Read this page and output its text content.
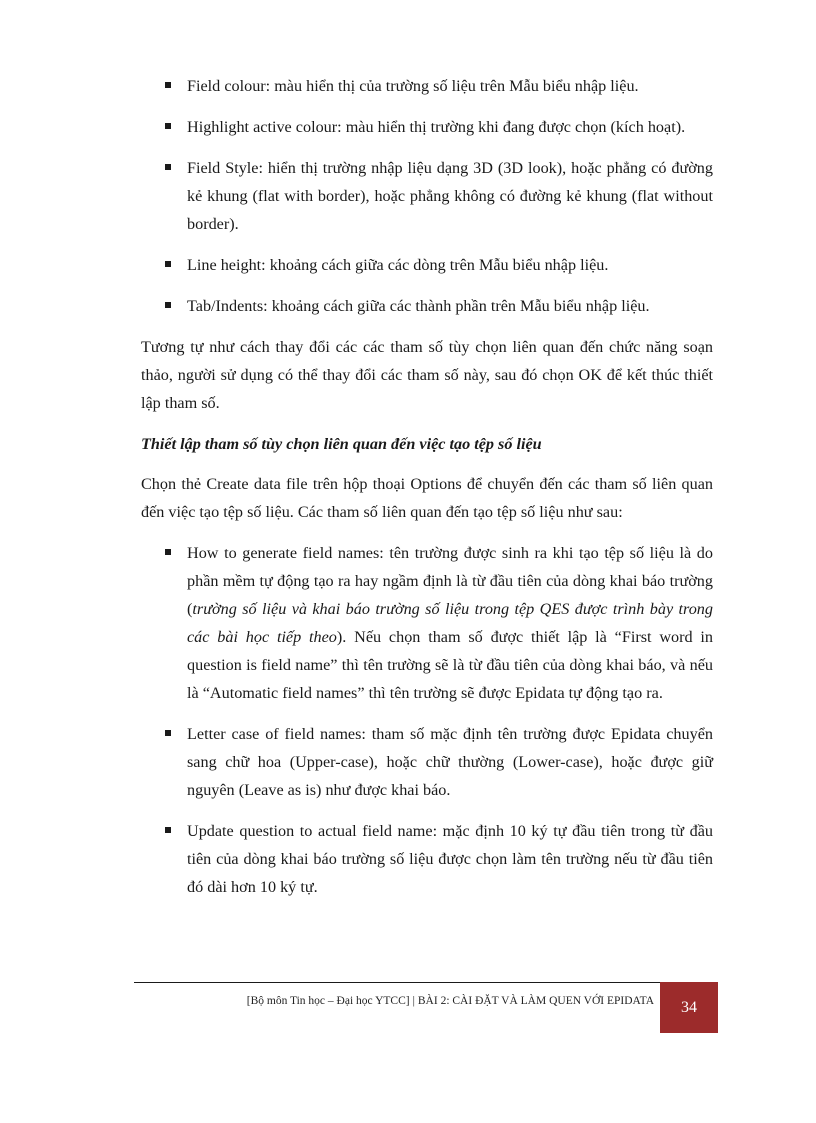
Field colour: màu hiển thị của trường số liệu trên Mẫu biểu nhập liệu.

Highlight active colour: màu hiển thị trường khi đang được chọn (kích hoạt).

Field Style: hiển thị trường nhập liệu dạng 3D (3D look), hoặc phẳng có đường kẻ khung (flat with border), hoặc phẳng không có đường kẻ khung (flat without border).

Line height: khoảng cách giữa các dòng trên Mẫu biểu nhập liệu.

Tab/Indents: khoảng cách giữa các thành phần trên Mẫu biểu nhập liệu.

Tương tự như cách thay đổi các các tham số tùy chọn liên quan đến chức năng soạn thảo, người sử dụng có thể thay đổi các tham số này, sau đó chọn OK để kết thúc thiết lập tham số.

Thiết lập tham số tùy chọn liên quan đến việc tạo tệp số liệu

Chọn thẻ Create data file trên hộp thoại Options để chuyển đến các tham số liên quan đến việc tạo tệp số liệu. Các tham số liên quan đến tạo tệp số liệu như sau:

How to generate field names: tên trường được sinh ra khi tạo tệp số liệu là do phần mềm tự động tạo ra hay ngầm định là từ đầu tiên của dòng khai báo trường (trường số liệu và khai báo trường số liệu trong tệp QES được trình bày trong các bài học tiếp theo). Nếu chọn tham số được thiết lập là “First word in question is field name” thì tên trường sẽ là từ đầu tiên của dòng khai báo, và nếu là “Automatic field names” thì tên trường sẽ được Epidata tự động tạo ra.

Letter case of field names: tham số mặc định tên trường được Epidata chuyển sang chữ hoa (Upper-case), hoặc chữ thường (Lower-case), hoặc được giữ nguyên (Leave as is) như được khai báo.

Update question to actual field name: mặc định 10 ký tự đầu tiên trong từ đầu tiên của dòng khai báo trường số liệu được chọn làm tên trường nếu từ đầu tiên đó dài hơn 10 ký tự.

[Bộ môn Tin học – Đại học YTCC] | BÀI 2: CÀI ĐẶT VÀ LÀM QUEN VỚI EPIDATA	34
